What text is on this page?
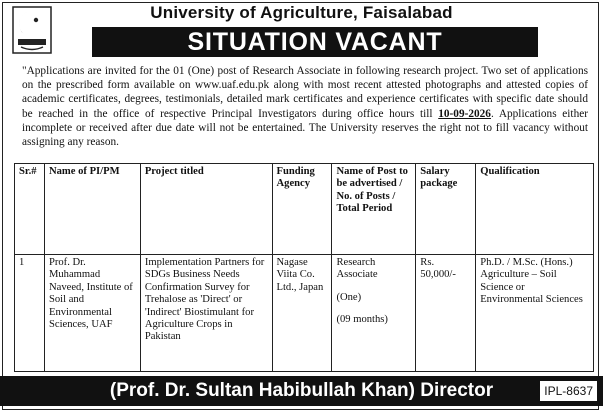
University of Agriculture, Faisalabad
SITUATION VACANT
"Applications are invited for the 01 (One) post of Research Associate in following research project. Two set of applications on the prescribed form available on www.uaf.edu.pk along with most recent attested photographs and attested copies of academic certificates, degrees, testimonials, detailed mark certificates and experience certificates with specific date should be reached in the office of respective Principal Investigators during office hours till 10-09-2026. Applications either incomplete or received after due date will not be entertained. The University reserves the right not to fill vacancy without assigning any reason.
Sr.#	Name of PI/PM	Project titled	Funding Agency	Name of Post to be advertised / No. of Posts / Total Period	Salary package	Qualification
1	Prof. Dr. Muhammad Naveed, Institute of Soil and Environmental Sciences, UAF	Implementation Partners for SDGs Business Needs Confirmation Survey for Trehalose as 'Direct' or 'Indirect' Biostimulant for Agriculture Crops in Pakistan	Nagase Viita Co. Ltd., Japan	Research Associate
(One)
(09 months)	Rs. 50,000/-	Ph.D. / M.Sc. (Hons.) Agriculture – Soil Science or Environmental Sciences
(Prof. Dr. Sultan Habibullah Khan) Director	IPL-8637
